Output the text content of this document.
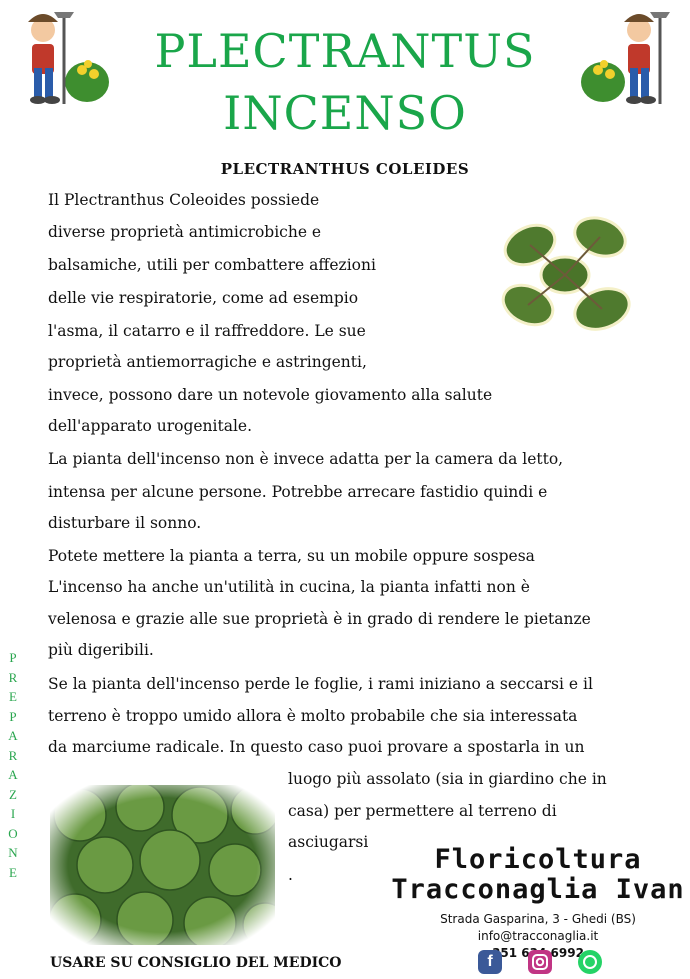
PLECTRANTUS
INCENSO
PLECTRANTHUS COLEIDES
Il Plectranthus Coleoides possiede
diverse proprietà antimicrobiche e
balsamiche, utili per combattere affezioni
delle vie respiratorie, come ad esempio
l'asma, il catarro e il raffreddore. Le sue
proprietà antiemorragiche e astringenti,
invece, possono dare un notevole giovamento alla salute
dell'apparato urogenitale.
La pianta dell'incenso non è invece adatta per la camera da letto,
intensa per alcune persone. Potrebbe arrecare fastidio quindi e
disturbare il sonno.
Potete mettere la pianta a terra, su un mobile oppure sospesa
L'incenso ha anche un'utilità in cucina, la pianta infatti non è
velenosa e grazie alle sue proprietà è in grado di rendere le pietanze
più digeribili.
Se la pianta dell'incenso perde le foglie, i rami iniziano a seccarsi e il
terreno è troppo umido allora è molto probabile che sia interessata
da marciume radicale. In questo caso puoi provare a spostarla in un
luogo più assolato (sia in giardino che in
casa) per permettere al terreno di
asciugarsi
.
P
R
E
P
A
R
A
Z
I
O
N
E	Floricoltura
Tracconaglia Ivan
Strada Gasparina, 3 - Ghedi (BS)
info@tracconaglia.it
351 6992
f
USARE SU CONSIGLIO DEL MEDICO
